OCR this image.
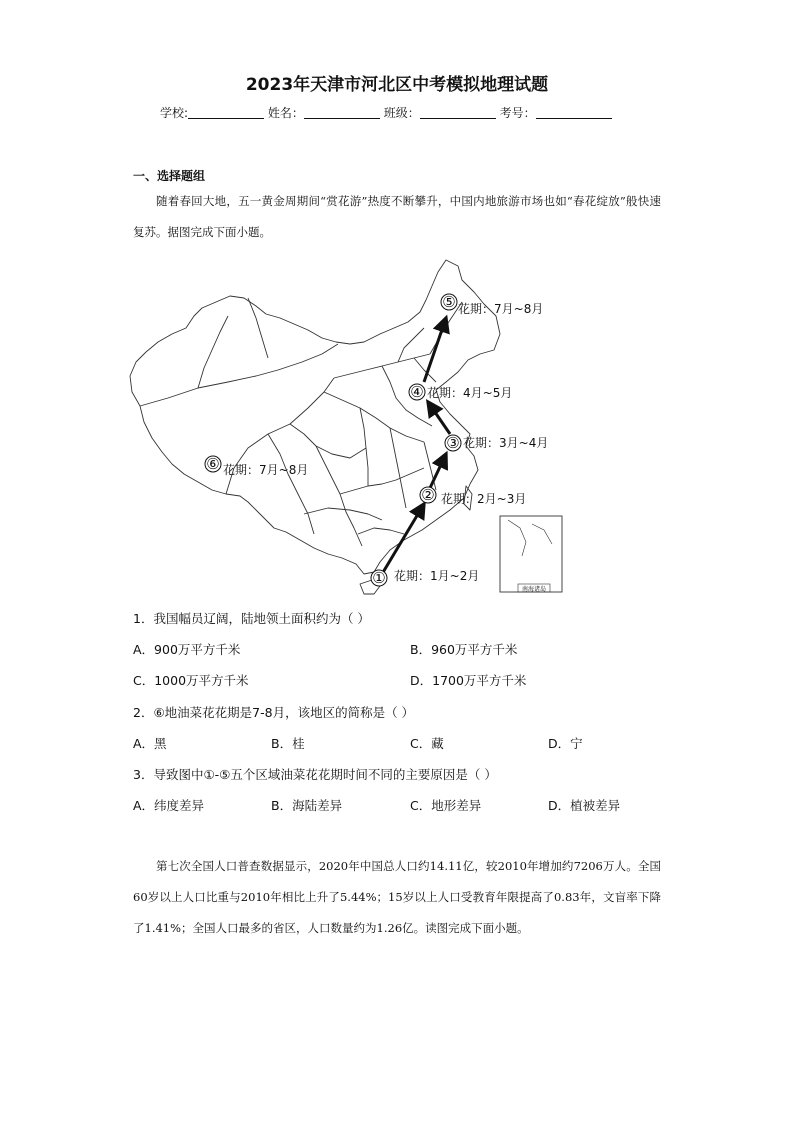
2023年天津市河北区中考模拟地理试题
学校:	姓名：	班级：	考号：
一、选择题组
随着春回大地，五一黄金周期间“赏花游”热度不断攀升，中国内地旅游市场也如“春花绽放”般快速复苏。据图完成下面小题。
南海诸岛
⑤ 花期：7月~8月
④ 花期：4月~5月
③ 花期：3月~4月
⑥ 花期：7月~8月
② 花期：2月~3月
① 花期：1月~2月
1．我国幅员辽阔，陆地领土面积约为（ ）
A．900万平方千米	B．960万平方千米
C．1000万平方千米	D．1700万平方千米
2．⑥地油菜花花期是7-8月，该地区的简称是（ ）
A．黑	B．桂	C．藏	D．宁
3．导致图中①-⑤五个区域油菜花花期时间不同的主要原因是（ ）
A．纬度差异	B．海陆差异	C．地形差异	D．植被差异
第七次全国人口普查数据显示，2020年中国总人口约14.11亿，较2010年增加约7206万人。全国60岁以上人口比重与2010年相比上升了5.44%；15岁以上人口受教育年限提高了0.83年，文盲率下降了1.41%；全国人口最多的省区，人口数量约为1.26亿。读图完成下面小题。
